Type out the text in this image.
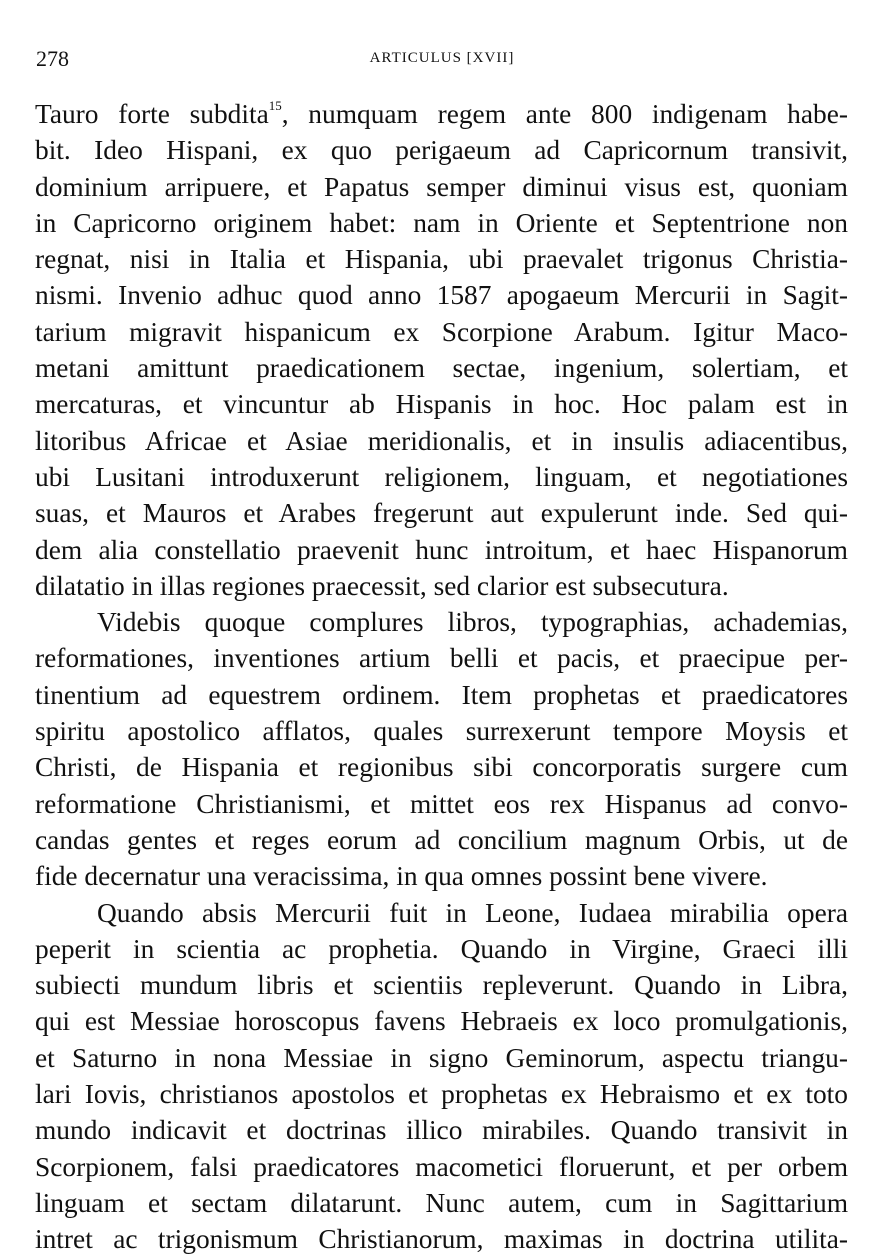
278	ARTICULUS [XVII]
Tauro forte subdita$^{15}$, numquam regem ante 800 indigenam habe-
bit. Ideo Hispani, ex quo perigaeum ad Capricornum transivit,
dominium arripuere, et Papatus semper diminui visus est, quoniam
in Capricorno originem habet: nam in Oriente et Septentrione non
regnat, nisi in Italia et Hispania, ubi praevalet trigonus Christia-
nismi. Invenio adhuc quod anno 1587 apogaeum Mercurii in Sagit-
tarium migravit hispanicum ex Scorpione Arabum. Igitur Maco-
metani amittunt praedicationem sectae, ingenium, solertiam, et
mercaturas, et vincuntur ab Hispanis in hoc. Hoc palam est in
litoribus Africae et Asiae meridionalis, et in insulis adiacentibus,
ubi Lusitani introduxerunt religionem, linguam, et negotiationes
suas, et Mauros et Arabes fregerunt aut expulerunt inde. Sed qui-
dem alia constellatio praevenit hunc introitum, et haec Hispanorum
dilatatio in illas regiones praecessit, sed clarior est subsecutura.
Videbis quoque complures libros, typographias, achademias,
reformationes, inventiones artium belli et pacis, et praecipue per-
tinentium ad equestrem ordinem. Item prophetas et praedicatores
spiritu apostolico afflatos, quales surrexerunt tempore Moysis et
Christi, de Hispania et regionibus sibi concorporatis surgere cum
reformatione Christianismi, et mittet eos rex Hispanus ad convo-
candas gentes et reges eorum ad concilium magnum Orbis, ut de
fide decernatur una veracissima, in qua omnes possint bene vivere.
Quando absis Mercurii fuit in Leone, Iudaea mirabilia opera
peperit in scientia ac prophetia. Quando in Virgine, Graeci illi
subiecti mundum libris et scientiis repleverunt. Quando in Libra,
qui est Messiae horoscopus favens Hebraeis ex loco promulgationis,
et Saturno in nona Messiae in signo Geminorum, aspectu triangu-
lari Iovis, christianos apostolos et prophetas ex Hebraismo et ex toto
mundo indicavit et doctrinas illico mirabiles. Quando transivit in
Scorpionem, falsi praedicatores macometici floruerunt, et per orbem
linguam et sectam dilatarunt. Nunc autem, cum in Sagittarium
intret ac trigonismum Christianorum, maximas in doctrina utilita-
